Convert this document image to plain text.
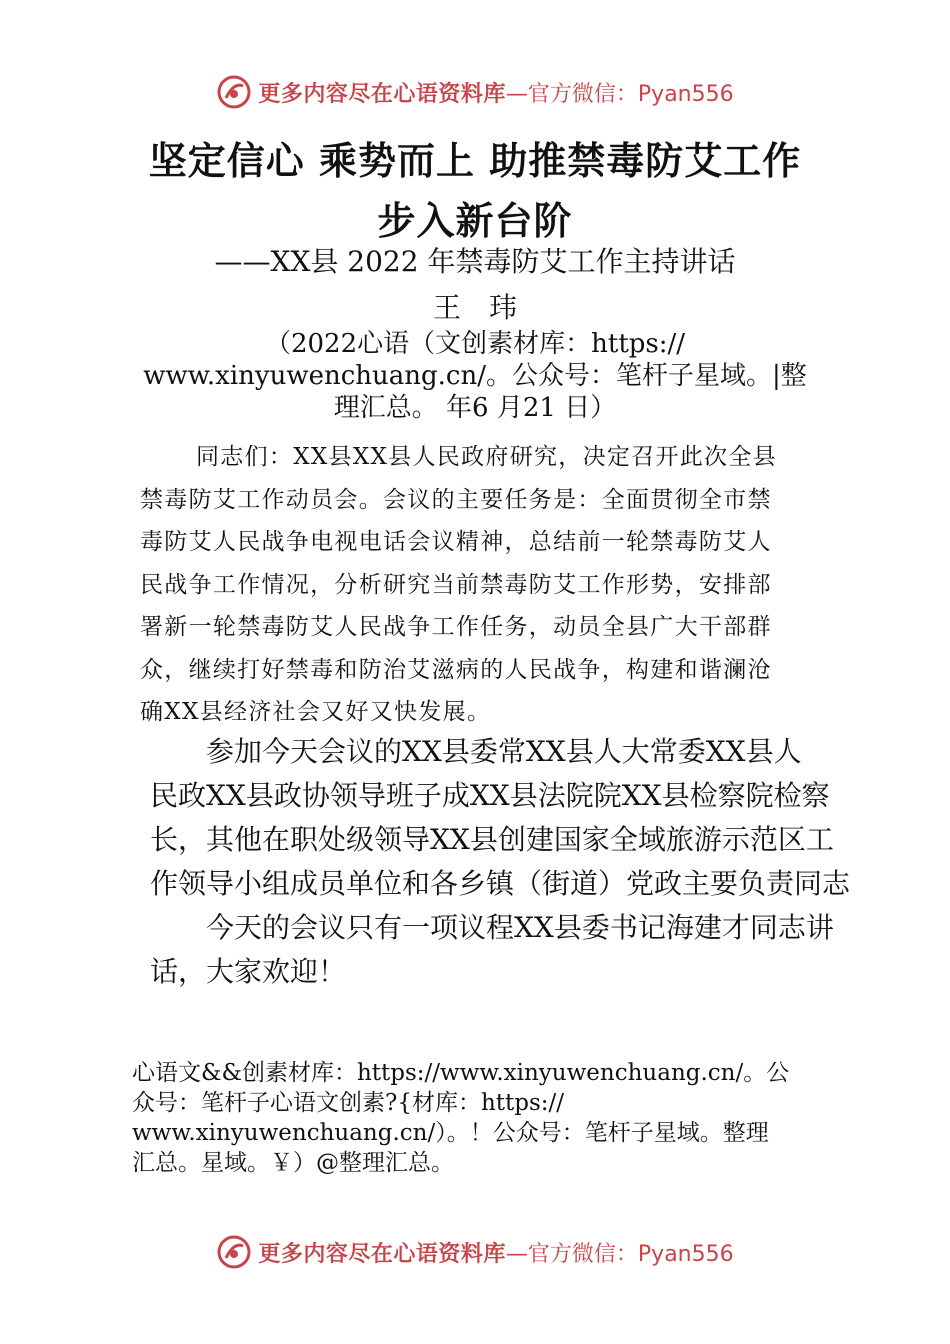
更多内容尽在心语资料库 —官方微信：Pyan556
坚定信心 乘势而上 助推禁毒防艾工作
步入新台阶
——XX县 2022 年禁毒防艾工作主持讲话
王　玮
（2022心语（文创素材库：https://
www.xinyuwenchuang.cn/。公众号：笔杆子星域。|整
理汇总。 年6 月21 日）
同志们：XX县XX县人民政府研究，决定召开此次全县
禁毒防艾工作动员会。会议的主要任务是：全面贯彻全市禁
毒防艾人民战争电视电话会议精神，总结前一轮禁毒防艾人
民战争工作情况，分析研究当前禁毒防艾工作形势，安排部
署新一轮禁毒防艾人民战争工作任务，动员全县广大干部群
众，继续打好禁毒和防治艾滋病的人民战争，构建和谐澜沧
确XX县经济社会又好又快发展。
　　参加今天会议的XX县委常XX县人大常委XX县人
民政XX县政协领导班子成XX县法院院XX县检察院检察
长，其他在职处级领导XX县创建国家全域旅游示范区工
作领导小组成员单位和各乡镇（街道）党政主要负责同志
　　今天的会议只有一项议程XX县委书记海建才同志讲
话，大家欢迎！
心语文&&创素材库：https://www.xinyuwenchuang.cn/。公
众号：笔杆子心语文创素?{材库：https://
www.xinyuwenchuang.cn/）。！公众号：笔杆子星域。整理
汇总。星域。￥）@整理汇总。
更多内容尽在心语资料库 —官方微信：Pyan556
